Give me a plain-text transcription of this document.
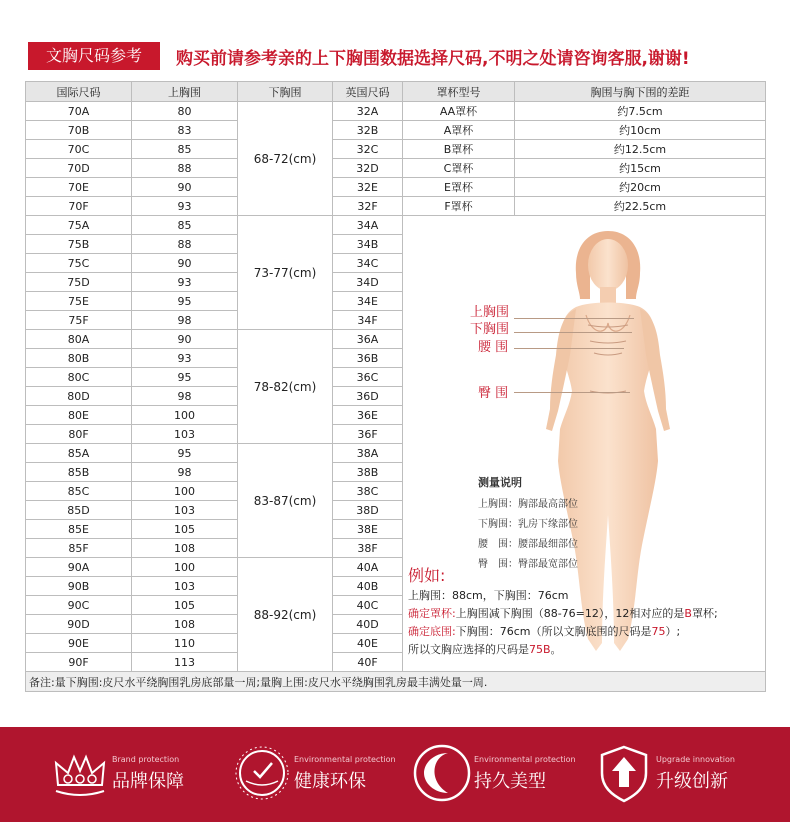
文胸尺码参考	购买前请参考亲的上下胸围数据选择尺码,不明之处请咨询客服,谢谢!
国际尺码	上胸围	下胸围	英国尺码	罩杯型号	胸围与胸下围的差距
70A	80	68-72(cm)	32A	AA罩杯	约7.5cm
70B	83		32B	A罩杯	约10cm
70C	85		32C	B罩杯	约12.5cm
70D	88		32D	C罩杯	约15cm
70E	90		32E	E罩杯	约20cm
70F	93		32F	F罩杯	约22.5cm
75A	85	73-77(cm)	34A		
75B	88		34B		
75C	90		34C		
75D	93		34D		
75E	95		34E		
75F	98		34F		
80A	90	78-82(cm)	36A		
80B	93		36B		
80C	95		36C		
80D	98		36D		
80E	100		36E		
80F	103		36F		
85A	95	83-87(cm)	38A		
85B	98		38B		
85C	100		38C		
85D	103		38D		
85E	105		38E		
85F	108		38F		
90A	100	88-92(cm)	40A		
90B	103		40B		
90C	105		40C		
90D	108		40D		
90E	110		40E		
90F	113		40F		
备注:量下胸围:皮尺水平绕胸围乳房底部量一周;量胸上围:皮尺水平绕胸围乳房最丰满处量一周.					
上胸围
下胸围
腰 围
臀 围
测量说明
上胸围：胸部最高部位
下胸围：乳房下缘部位
腰　围：腰部最细部位
臀　围：臀部最宽部位
例如:
上胸围：88cm，下胸围：76cm
确定罩杯:上胸围减下胸围（88-76=12），12相对应的是B罩杯;
确定底围:下胸围：76cm（所以文胸底围的尺码是75）;
所以文胸应选择的尺码是75B。
Brand protection
品牌保障
Environmental protection
健康环保
Environmental protection
持久美型
Upgrade innovation
升级创新
